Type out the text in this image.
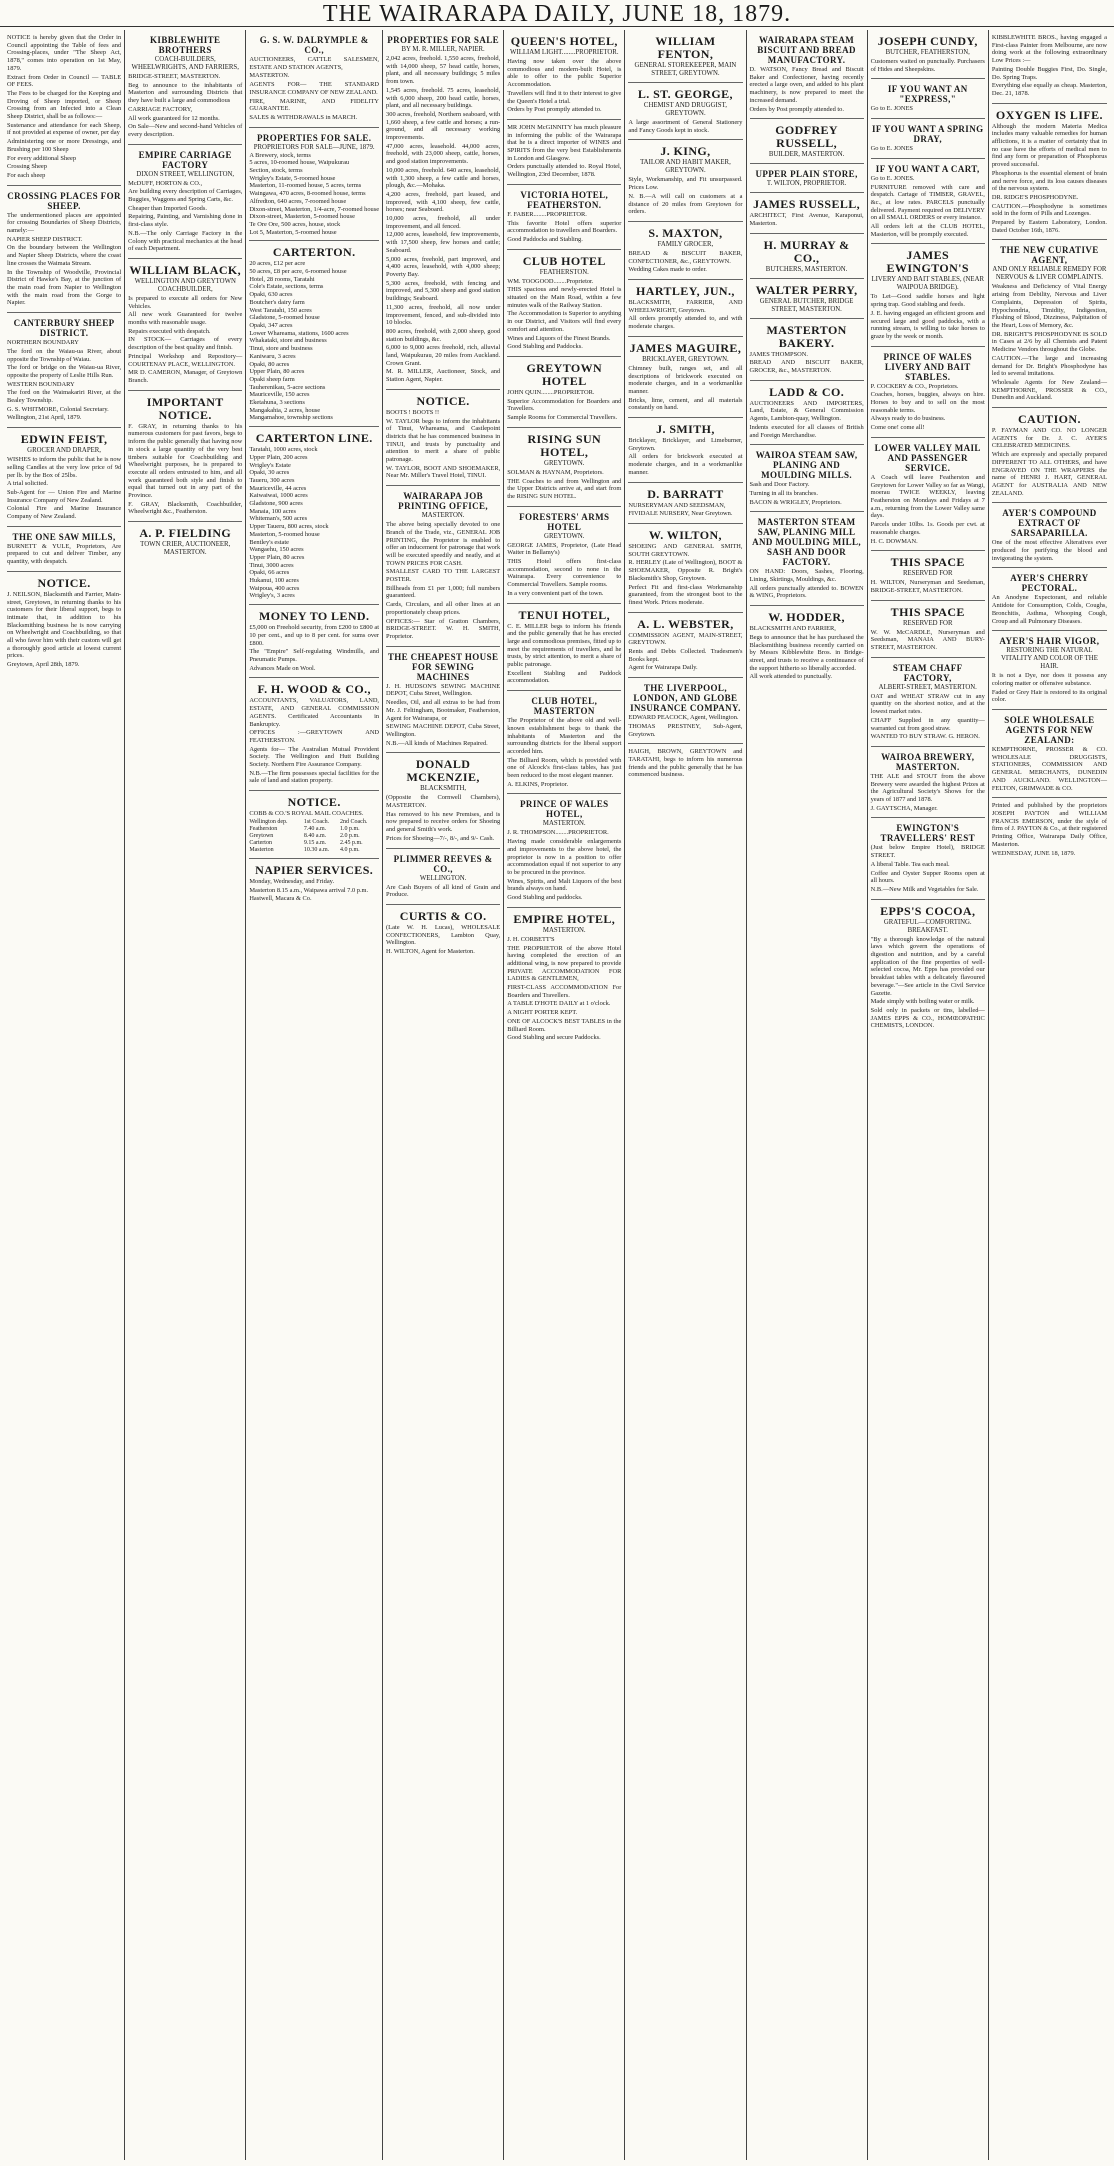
THE WAIRARAPA DAILY, JUNE 18, 1879.
NOTICE is hereby given that the Order in Council appointing the Table of fees and Crossing-places, under "The Sheep Act, 1878," comes into operation on 1st May, 1879.
Extract from Order in Council — TABLE OF FEES.
The Fees to be charged for the Keeping and Droving of Sheep imported, or Sheep Crossing from an Infected into a Clean Sheep District, shall be as follows:—
Sustenance and attendance for each Sheep, if not provided at expense of owner, per day
Administering one or more Dressings, and Brushing per 100 Sheep
For every additional Sheep
Crossing Sheep
For each sheep
CROSSING PLACES FOR SHEEP.
The undermentioned places are appointed for crossing Boundaries of Sheep Districts, namely:—
NAPIER SHEEP DISTRICT.
On the boundary between the Wellington and Napier Sheep Districts, where the coast line crosses the Waimata Stream.
In the Township of Woodville, Provincial District of Hawke's Bay, at the junction of the main road from Napier to Wellington with the main road from the Gorge to Napier.
CANTERBURY SHEEP DISTRICT.
NORTHERN BOUNDARY
The ford on the Waiau-ua River, about opposite the Township of Waiau.
The ford or bridge on the Waiau-ua River, opposite the property of Leslie Hills Run.
WESTERN BOUNDARY
The ford on the Waimakariri River, at the Bealey Township.
G. S. WHITMORE, Colonial Secretary.
Wellington, 21st April, 1879.
EDWIN FEIST,
GROCER AND DRAPER,
WISHES to inform the public that he is now selling Candles at the very low price of 9d per lb. by the Box of 25lbs.
A trial solicited.
Sub-Agent for — Union Fire and Marine Insurance Company of New Zealand.
Colonial Fire and Marine Insurance Company of New Zealand.
THE ONE SAW MILLS,
BURNETT & YULE, Proprietors, Are prepared to cut and deliver Timber, any quantity, with despatch.
NOTICE.
J. NEILSON, Blacksmith and Farrier, Main-street, Greytown, in returning thanks to his customers for their liberal support, begs to intimate that, in addition to his Blacksmithing business he is now carrying on Wheelwright and Coachbuilding, so that all who favor him with their custom will get a thoroughly good article at lowest current prices.
Greytown, April 28th, 1879.
KIBBLEWHITE BROTHERS
COACH-BUILDERS, WHEELWRIGHTS, AND FARRIERS,
BRIDGE-STREET, MASTERTON.
Beg to announce to the inhabitants of Masterton and surrounding Districts that they have built a large and commodious
CARRIAGE FACTORY,
All work guaranteed for 12 months.
On Sale—New and second-hand Vehicles of every description.
EMPIRE CARRIAGE FACTORY
DIXON STREET, WELLINGTON,
McDUFF, HORTON & CO.,
Are building every description of Carriages, Buggies, Waggons and Spring Carts, &c.
Cheaper than Imported Goods.
Repairing, Painting, and Varnishing done in first-class style.
N.B.—The only Carriage Factory in the Colony with practical mechanics at the head of each Department.
WILLIAM BLACK,
WELLINGTON AND GREYTOWN COACHBUILDER,
Is prepared to execute all orders for New Vehicles.
All new work Guaranteed for twelve months with reasonable usage.
Repairs executed with despatch.
IN STOCK— Carriages of every description of the best quality and finish.
Principal Workshop and Repository— COURTENAY PLACE, WELLINGTON.
MR D. CAMERON, Manager, of Greytown Branch.
IMPORTANT NOTICE.
F. GRAY, in returning thanks to his numerous customers for past favors, begs to inform the public generally that having now in stock a large quantity of the very best timbers suitable for Coachbuilding and Wheelwright purposes, he is prepared to execute all orders entrusted to him, and all work guaranteed both style and finish to equal that turned out in any part of the Province.
F. GRAY, Blacksmith, Coachbuilder, Wheelwright &c., Featherston.
A. P. FIELDING
TOWN CRIER, AUCTIONEER, MASTERTON.
G. S. W. DALRYMPLE & CO.,
AUCTIONEERS, CATTLE SALESMEN, ESTATE AND STATION AGENTS,
MASTERTON.
AGENTS FOR— THE STANDARD INSURANCE COMPANY OF NEW ZEALAND.
FIRE, MARINE, AND FIDELITY GUARANTEE.
SALES & WITHDRAWALS in MARCH.
PROPERTIES FOR SALE.
PROPRIETORS FOR SALE—JUNE, 1879.
A Brewery, stock, terms
5 acres, 10-roomed house, Waipukurau
Section, stock, terms
Wrigley's Estate, 5-roomed house
Masterton, 11-roomed house, 5 acres, terms
Waingawa, 470 acres, 8-roomed house, terms
Alfredton, 640 acres, 7-roomed house
Dixon-street, Masterton, 1/4-acre, 7-roomed house
Dixon-street, Masterton, 5-roomed house
Te Ore Ore, 500 acres, house, stock
Lot 5, Masterton, 5-roomed house
CARTERTON.
20 acres, £12 per acre
50 acres, £8 per acre, 6-roomed house
Hotel, 28 rooms, Taratahi
Cole's Estate, sections, terms
Opaki, 630 acres
Boutcher's dairy farm
West Taratahi, 150 acres
Gladstone, 5-roomed house
Opaki, 347 acres
Lower Whareama, stations, 1600 acres
Whakataki, store and business
Tinui, store and business
Kaniwaru, 3 acres
Opaki, 80 acres
Upper Plain, 80 acres
Opaki sheep farm
Tauherenikau, 5-acre sections
Mauriceville, 150 acres
Eketahuna, 3 sections
Mangakahia, 2 acres, house
Mangamahoe, township sections
CARTERTON LINE.
Taratahi, 1000 acres, stock
Upper Plain, 200 acres
Wrigley's Estate
Opaki, 30 acres
Taueru, 300 acres
Mauriceville, 44 acres
Kaiwaiwai, 1000 acres
Gladstone, 900 acres
Manaia, 100 acres
Whiteman's, 500 acres
Upper Taueru, 800 acres, stock
Masterton, 5-roomed house
Bentley's estate
Wangaehu, 150 acres
Upper Plain, 80 acres
Tinui, 3000 acres
Opaki, 66 acres
Hukanui, 100 acres
Waipoua, 400 acres
Wrigley's, 3 acres
MONEY TO LEND.
£5,000 on Freehold security, from £200 to £800 at 10 per cent., and up to 8 per cent. for sums over £800.
The "Empire" Self-regulating Windmills, and Pneumatic Pumps.
Advances Made on Wool.
F. H. WOOD & CO.,
ACCOUNTANTS, VALUATORS, LAND, ESTATE, AND GENERAL COMMISSION AGENTS. Certificated Accountants in Bankruptcy.
OFFICES :—GREYTOWN AND FEATHERSTON.
Agents for— The Australian Mutual Provident Society. The Wellington and Hutt Building Society. Northern Fire Assurance Company.
N.B.—The firm possesses special facilities for the sale of land and station property.
NOTICE.
COBB & CO.'S ROYAL MAIL COACHES.
Wellington dep.	1st Coach.	2nd Coach.
Featherston	7.40 a.m.	1.0 p.m.
Greytown	8.40 a.m.	2.0 p.m.
Carterton	9.15 a.m.	2.45 p.m.
Masterton	10.30 a.m.	4.0 p.m.
NAPIER SERVICES.
Monday, Wednesday, and Friday.
Masterton 8.15 a.m., Waipawa arrival 7.0 p.m.
Hastwell, Macara & Co.
PROPERTIES FOR SALE
BY M. R. MILLER, NAPIER.
2,042 acres, freehold. 1,550 acres, freehold, with 14,000 sheep, 57 head cattle, horses, plant, and all necessary buildings; 5 miles from town.
1,545 acres, freehold. 75 acres, leasehold, with 6,000 sheep, 200 head cattle, horses, plant, and all necessary buildings.
300 acres, freehold, Northern seaboard, with 1,660 sheep, a few cattle and horses; a run-ground, and all necessary working improvements.
47,000 acres, leasehold. 44,000 acres, freehold, with 23,000 sheep, cattle, horses, and good station improvements.
10,000 acres, freehold. 640 acres, leasehold, with 1,300 sheep, a few cattle and horses, plough, &c.—Mohaka.
4,200 acres, freehold, part leased, and improved, with 4,100 sheep, few cattle, horses; near Seaboard.
10,000 acres, freehold, all under improvement, and all fenced.
12,000 acres, leasehold, few improvements, with 17,500 sheep, few horses and cattle; Seaboard.
5,000 acres, freehold, part improved, and 4,400 acres, leasehold, with 4,000 sheep; Poverty Bay.
5,300 acres, freehold, with fencing and improved, and 5,300 sheep and good station buildings; Seaboard.
11,300 acres, freehold, all now under improvement, fenced, and sub-divided into 10 blocks.
800 acres, freehold, with 2,000 sheep, good station buildings, &c.
6,000 to 9,000 acres freehold, rich, alluvial land, Waipukurau, 20 miles from Auckland. Crown Grant.
M. R. MILLER, Auctioneer, Stock, and Station Agent, Napier.
NOTICE.
BOOTS ! BOOTS !!
W. TAYLOR begs to inform the inhabitants of Tinui, Whareama, and Castlepoint districts that he has commenced business in TINUI, and trusts by punctuality and attention to merit a share of public patronage.
W. TAYLOR, BOOT AND SHOEMAKER, Near Mr. Miller's Travel Hotel, TINUI.
WAIRARAPA JOB PRINTING OFFICE,
MASTERTON.
The above being specially devoted to one Branch of the Trade, viz., GENERAL JOB PRINTING, the Proprietor is enabled to offer an inducement for patronage that work will be executed speedily and neatly, and at TOWN PRICES FOR CASH.
SMALLEST CARD TO THE LARGEST POSTER.
Billheads from £1 per 1,000; full numbers guaranteed.
Cards, Circulars, and all other lines at an proportionately cheap prices.
OFFICES:— Star of Gratton Chambers, BRIDGE-STREET. W. H. SMITH, Proprietor.
THE CHEAPEST HOUSE FOR SEWING MACHINES
J. H. HUDSON'S SEWING MACHINE DEPOT, Cuba Street, Wellington.
Needles, Oil, and all extras to be had from Mr. J. Feltingham, Bootmaker, Featherston, Agent for Wairarapa, or
SEWING MACHINE DEPOT, Cuba Street, Wellington.
N.B.—All kinds of Machines Repaired.
DONALD MCKENZIE,
BLACKSMITH,
(Opposite the Cornwell Chambers), MASTERTON.
Has removed to his new Premises, and is now prepared to receive orders for Shoeing and general Smith's work.
Prices for Shoeing—7/-, 8/-, and 9/- Cash.
PLIMMER REEVES & CO.,
WELLINGTON.
Are Cash Buyers of all kind of Grain and Produce.
CURTIS & CO.
(Late W. H. Lucas), WHOLESALE CONFECTIONERS, Lambton Quay, Wellington.
H. WILTON, Agent for Masterton.
QUEEN'S HOTEL,
WILLIAM LIGHT........PROPRIETOR.
Having now taken over the above commodious and modern-built Hotel, is able to offer to the public Superior Accommodation.
Travellers will find it to their interest to give the Queen's Hotel a trial.
Orders by Post promptly attended to.
MR JOHN McGINNITY has much pleasure in informing the public of the Wairarapa that he is a direct importer of WINES and SPIRITS from the very best Establishments in London and Glasgow.
Orders punctually attended to. Royal Hotel, Wellington, 23rd December, 1878.
VICTORIA HOTEL, FEATHERSTON.
F. FABER........PROPRIETOR.
This favorite Hotel offers superior accommodation to travellers and Boarders.
Good Paddocks and Stabling.
CLUB HOTEL
FEATHERSTON.
WM. TOOGOOD........Proprietor.
THIS spacious and newly-erected Hotel is situated on the Main Road, within a few minutes walk of the Railway Station.
The Accommodation is Superior to anything in our District, and Visitors will find every comfort and attention.
Wines and Liquors of the Finest Brands.
Good Stabling and Paddocks.
GREYTOWN HOTEL
JOHN QUIN........PROPRIETOR.
Superior Accommodation for Boarders and Travellers.
Sample Rooms for Commercial Travellers.
RISING SUN HOTEL,
GREYTOWN.
SOLMAN & HAYNAM, Proprietors.
THE Coaches to and from Wellington and the Upper Districts arrive at, and start from the RISING SUN HOTEL.
FORESTERS' ARMS HOTEL
GREYTOWN.
GEORGE JAMES, Proprietor, (Late Head Waiter in Bellamy's)
THIS Hotel offers first-class accommodation, second to none in the Wairarapa. Every convenience to Commercial Travellers. Sample rooms.
In a very convenient part of the town.
TENUI HOTEL,
C. E. MILLER begs to inform his friends and the public generally that he has erected large and commodious premises, fitted up to meet the requirements of travellers, and he trusts, by strict attention, to merit a share of public patronage.
Excellent Stabling and Paddock accommodation.
CLUB HOTEL, MASTERTON
The Proprietor of the above old and well-known establishment begs to thank the inhabitants of Masterton and the surrounding districts for the liberal support accorded him.
The Billiard Room, which is provided with one of Alcock's first-class tables, has just been reduced to the most elegant manner.
A. ELKINS, Proprietor.
PRINCE OF WALES HOTEL,
MASTERTON.
J. R. THOMPSON........PROPRIETOR.
Having made considerable enlargements and improvements to the above hotel, the proprietor is now in a position to offer accommodation equal if not superior to any to be procured in the province.
Wines, Spirits, and Malt Liquors of the best brands always on hand.
Good Stabling and paddocks.
EMPIRE HOTEL,
MASTERTON.
J. H. CORBETT'S
THE PROPRIETOR of the above Hotel having completed the erection of an additional wing, is now prepared to provide PRIVATE ACCOMMODATION FOR LADIES & GENTLEMEN,
FIRST-CLASS ACCOMMODATION For Boarders and Travellers.
A TABLE D'HOTE DAILY at 1 o'clock.
A NIGHT PORTER KEPT.
ONE OF ALCOCK'S BEST TABLES in the Billiard Room.
Good Stabling and secure Paddocks.
WILLIAM FENTON,
GENERAL STOREKEEPER, MAIN STREET, GREYTOWN.
L. ST. GEORGE,
CHEMIST AND DRUGGIST, GREYTOWN.
A large assortment of General Stationery and Fancy Goods kept in stock.
J. KING,
TAILOR AND HABIT MAKER, GREYTOWN.
Style, Workmanship, and Fit unsurpassed. Prices Low.
N. B.—A will call on customers at a distance of 20 miles from Greytown for orders.
S. MAXTON,
FAMILY GROCER,
BREAD & BISCUIT BAKER, CONFECTIONER, &c., GREYTOWN.
Wedding Cakes made to order.
HARTLEY, JUN.,
BLACKSMITH, FARRIER, AND WHEELWRIGHT, Greytown.
All orders promptly attended to, and with moderate charges.
JAMES MAGUIRE,
BRICKLAYER, GREYTOWN.
Chimney built, ranges set, and all descriptions of brickwork executed on moderate charges, and in a workmanlike manner.
Bricks, lime, cement, and all materials constantly on hand.
J. SMITH,
Bricklayer, Bricklayer, and Limeburner, Greytown.
All orders for brickwork executed at moderate charges, and in a workmanlike manner.
D. BARRATT
NURSERYMAN AND SEEDSMAN,
FIVIDALE NURSERY, Near Greytown.
W. WILTON,
SHOEING AND GENERAL SMITH, SOUTH GREYTOWN.
R. HERLEY (Late of Wellington), BOOT & SHOEMAKER, Opposite R. Bright's Blacksmith's Shop, Greytown.
Perfect Fit and first-class Workmanship guaranteed, from the strongest boot to the finest Work. Prices moderate.
A. L. WEBSTER,
COMMISSION AGENT, MAIN-STREET, GREYTOWN.
Rents and Debts Collected. Tradesmen's Books kept.
Agent for Wairarapa Daily.
THE LIVERPOOL, LONDON, AND GLOBE INSURANCE COMPANY.
EDWARD PEACOCK, Agent, Wellington.
THOMAS PRESTNEY, Sub-Agent, Greytown.
HAIGH, BROWN, GREYTOWN and TARATAHI, begs to inform his numerous friends and the public generally that he has commenced business.
WAIRARAPA STEAM BISCUIT AND BREAD MANUFACTORY.
D. WATSON, Fancy Bread and Biscuit Baker and Confectioner, having recently erected a large oven, and added to his plant machinery, is now prepared to meet the increased demand.
Orders by Post promptly attended to.
GODFREY RUSSELL,
BUILDER, MASTERTON.
UPPER PLAIN STORE,
T. WILTON, PROPRIETOR.
JAMES RUSSELL,
ARCHITECT, First Avenue, Karaponui, Masterton.
H. MURRAY & CO.,
BUTCHERS, MASTERTON.
WALTER PERRY,
GENERAL BUTCHER, BRIDGE STREET, MASTERTON.
MASTERTON BAKERY.
JAMES THOMPSON.
BREAD AND BISCUIT BAKER, GROCER, &c., MASTERTON.
LADD & CO.
AUCTIONEERS AND IMPORTERS, Land, Estate, & General Commission Agents, Lambton-quay, Wellington.
Indents executed for all classes of British and Foreign Merchandise.
WAIROA STEAM SAW, PLANING AND MOULDING MILLS.
Sash and Door Factory.
Turning in all its branches.
BACON & WRIGLEY, Proprietors.
MASTERTON STEAM SAW, PLANING MILL AND MOULDING MILL, SASH AND DOOR FACTORY.
ON HAND: Doors, Sashes, Flooring, Lining, Skirtings, Mouldings, &c.
All orders punctually attended to. BOWEN & WING, Proprietors.
W. HODDER,
BLACKSMITH AND FARRIER,
Begs to announce that he has purchased the Blacksmithing business recently carried on by Messrs Kibblewhite Bros. in Bridge-street, and trusts to receive a continuance of the support hitherto so liberally accorded.
All work attended to punctually.
JOSEPH CUNDY,
BUTCHER, FEATHERSTON,
Customers waited on punctually. Purchasers of Hides and Sheepskins.
IF YOU WANT AN "EXPRESS,"
Go to E. JONES
IF YOU WANT A SPRING DRAY,
Go to E. JONES
IF YOU WANT A CART,
Go to E. JONES.
FURNITURE removed with care and despatch. Cartage of TIMBER, GRAVEL, &c., at low rates. PARCELS punctually delivered. Payment required on DELIVERY on all SMALL ORDERS or every instance.
All orders left at the CLUB HOTEL, Masterton, will be promptly executed.
JAMES EWINGTON'S
LIVERY AND BAIT STABLES, (NEAR WAIPOUA BRIDGE).
To Let—Good saddle horses and light spring trap. Good stabling and feeds.
J. E. having engaged an efficient groom and secured large and good paddocks, with a running stream, is willing to take horses to graze by the week or month.
PRINCE OF WALES LIVERY AND BAIT STABLES.
P. COCKERY & CO., Proprietors.
Coaches, horses, buggies, always on hire. Horses to buy and to sell on the most reasonable terms.
Always ready to do business.
Come one! come all!
LOWER VALLEY MAIL AND PASSENGER SERVICE.
A Coach will leave Featherston and Greytown for Lower Valley so far as Wangi, moerau TWICE WEEKLY, leaving Featherston on Mondays and Fridays at 7 a.m., returning from the Lower Valley same days.
Parcels under 10lbs. 1s. Goods per cwt. at reasonable charges.
H. C. DOWMAN.
THIS SPACE
RESERVED FOR
H. WILTON, Nurseryman and Seedsman, BRIDGE-STREET, MASTERTON.
THIS SPACE
RESERVED FOR
W. W. McCARDLE, Nurseryman and Seedsman, MANAIA AND BURY-STREET, MASTERTON.
STEAM CHAFF FACTORY,
ALBERT-STREET, MASTERTON.
OAT and WHEAT STRAW cut in any quantity on the shortest notice, and at the lowest market rates.
CHAFF Supplied in any quantity—warranted cut from good straw.
WANTED TO BUY STRAW. G. HERON.
WAIROA BREWERY, MASTERTON.
THE ALE and STOUT from the above Brewery were awarded the highest Prizes at the Agricultural Society's Shows for the years of 1877 and 1878.
J. GAYTSCHA, Manager.
EWINGTON'S TRAVELLERS' REST
(Just below Empire Hotel), BRIDGE STREET.
A liberal Table. Tea each meal.
Coffee and Oyster Supper Rooms open at all hours.
N.B.—New Milk and Vegetables for Sale.
EPPS'S COCOA,
GRATEFUL—COMFORTING. BREAKFAST.
"By a thorough knowledge of the natural laws which govern the operations of digestion and nutrition, and by a careful application of the fine properties of well-selected cocoa, Mr. Epps has provided our breakfast tables with a delicately flavoured beverage."—See article in the Civil Service Gazette.
Made simply with boiling water or milk.
Sold only in packets or tins, labelled— JAMES EPPS & CO., HOMŒOPATHIC CHEMISTS, LONDON.
KIBBLEWHITE BROS., having engaged a First-class Painter from Melbourne, are now doing work at the following extraordinary Low Prices :—
Painting Double Buggies First, Do. Single, Do. Spring Traps.
Everything else equally as cheap. Masterton, Dec. 21, 1878.
OXYGEN IS LIFE.
Although the modern Materia Medica includes many valuable remedies for human afflictions, it is a matter of certainty that in no case have the efforts of medical men to find any form or preparation of Phosphorus proved successful.
Phosphorus is the essential element of brain and nerve force, and its loss causes diseases of the nervous system.
DR. RIDGE'S PHOSPHODYNE.
CAUTION.—Phosphodyne is sometimes sold in the form of Pills and Lozenges.
Prepared by Eastern Laboratory, London. Dated October 16th, 1876.
THE NEW CURATIVE AGENT,
AND ONLY RELIABLE REMEDY FOR NERVOUS & LIVER COMPLAINTS.
Weakness and Deficiency of Vital Energy arising from Debility, Nervous and Liver Complaints, Depression of Spirits, Hypochondria, Timidity, Indigestion, Flushing of Blood, Dizziness, Palpitation of the Heart, Loss of Memory, &c.
DR. BRIGHT'S PHOSPHODYNE IS SOLD in Cases at 2/6 by all Chemists and Patent Medicine Vendors throughout the Globe.
CAUTION.—The large and increasing demand for Dr. Bright's Phosphodyne has led to several imitations.
Wholesale Agents for New Zealand— KEMPTHORNE, PROSSER & CO., Dunedin and Auckland.
CAUTION.
P. FAYMAN AND CO. NO LONGER AGENTS for Dr. J. C. AYER'S CELEBRATED MEDICINES.
Which are expressly and specially prepared DIFFERENT TO ALL OTHERS, and have ENGRAVED ON THE WRAPPERS the name of HENRI J. HART, GENERAL AGENT for AUSTRALIA AND NEW ZEALAND.
AYER'S COMPOUND EXTRACT OF SARSAPARILLA.
One of the most effective Alteratives ever produced for purifying the blood and invigorating the system.
AYER'S CHERRY PECTORAL.
An Anodyne Expectorant, and reliable Antidote for Consumption, Colds, Coughs, Bronchitis, Asthma, Whooping Cough, Croup and all Pulmonary Diseases.
AYER'S HAIR VIGOR,
RESTORING THE NATURAL VITALITY AND COLOR OF THE HAIR.
It is not a Dye, nor does it possess any coloring matter or offensive substance.
Faded or Grey Hair is restored to its original color.
SOLE WHOLESALE AGENTS FOR NEW ZEALAND:
KEMPTHORNE, PROSSER & CO. WHOLESALE DRUGGISTS, STATIONERS, COMMISSION AND GENERAL MERCHANTS, DUNEDIN AND AUCKLAND. WELLINGTON—FELTON, GRIMWADE & CO.
Printed and published by the proprietors JOSEPH PAYTON and WILLIAM FRANCIS EMERSON, under the style of firm of J. PAYTON & Co., at their registered Printing Office, Wairarapa Daily Office, Masterton.
WEDNESDAY, JUNE 18, 1879.
